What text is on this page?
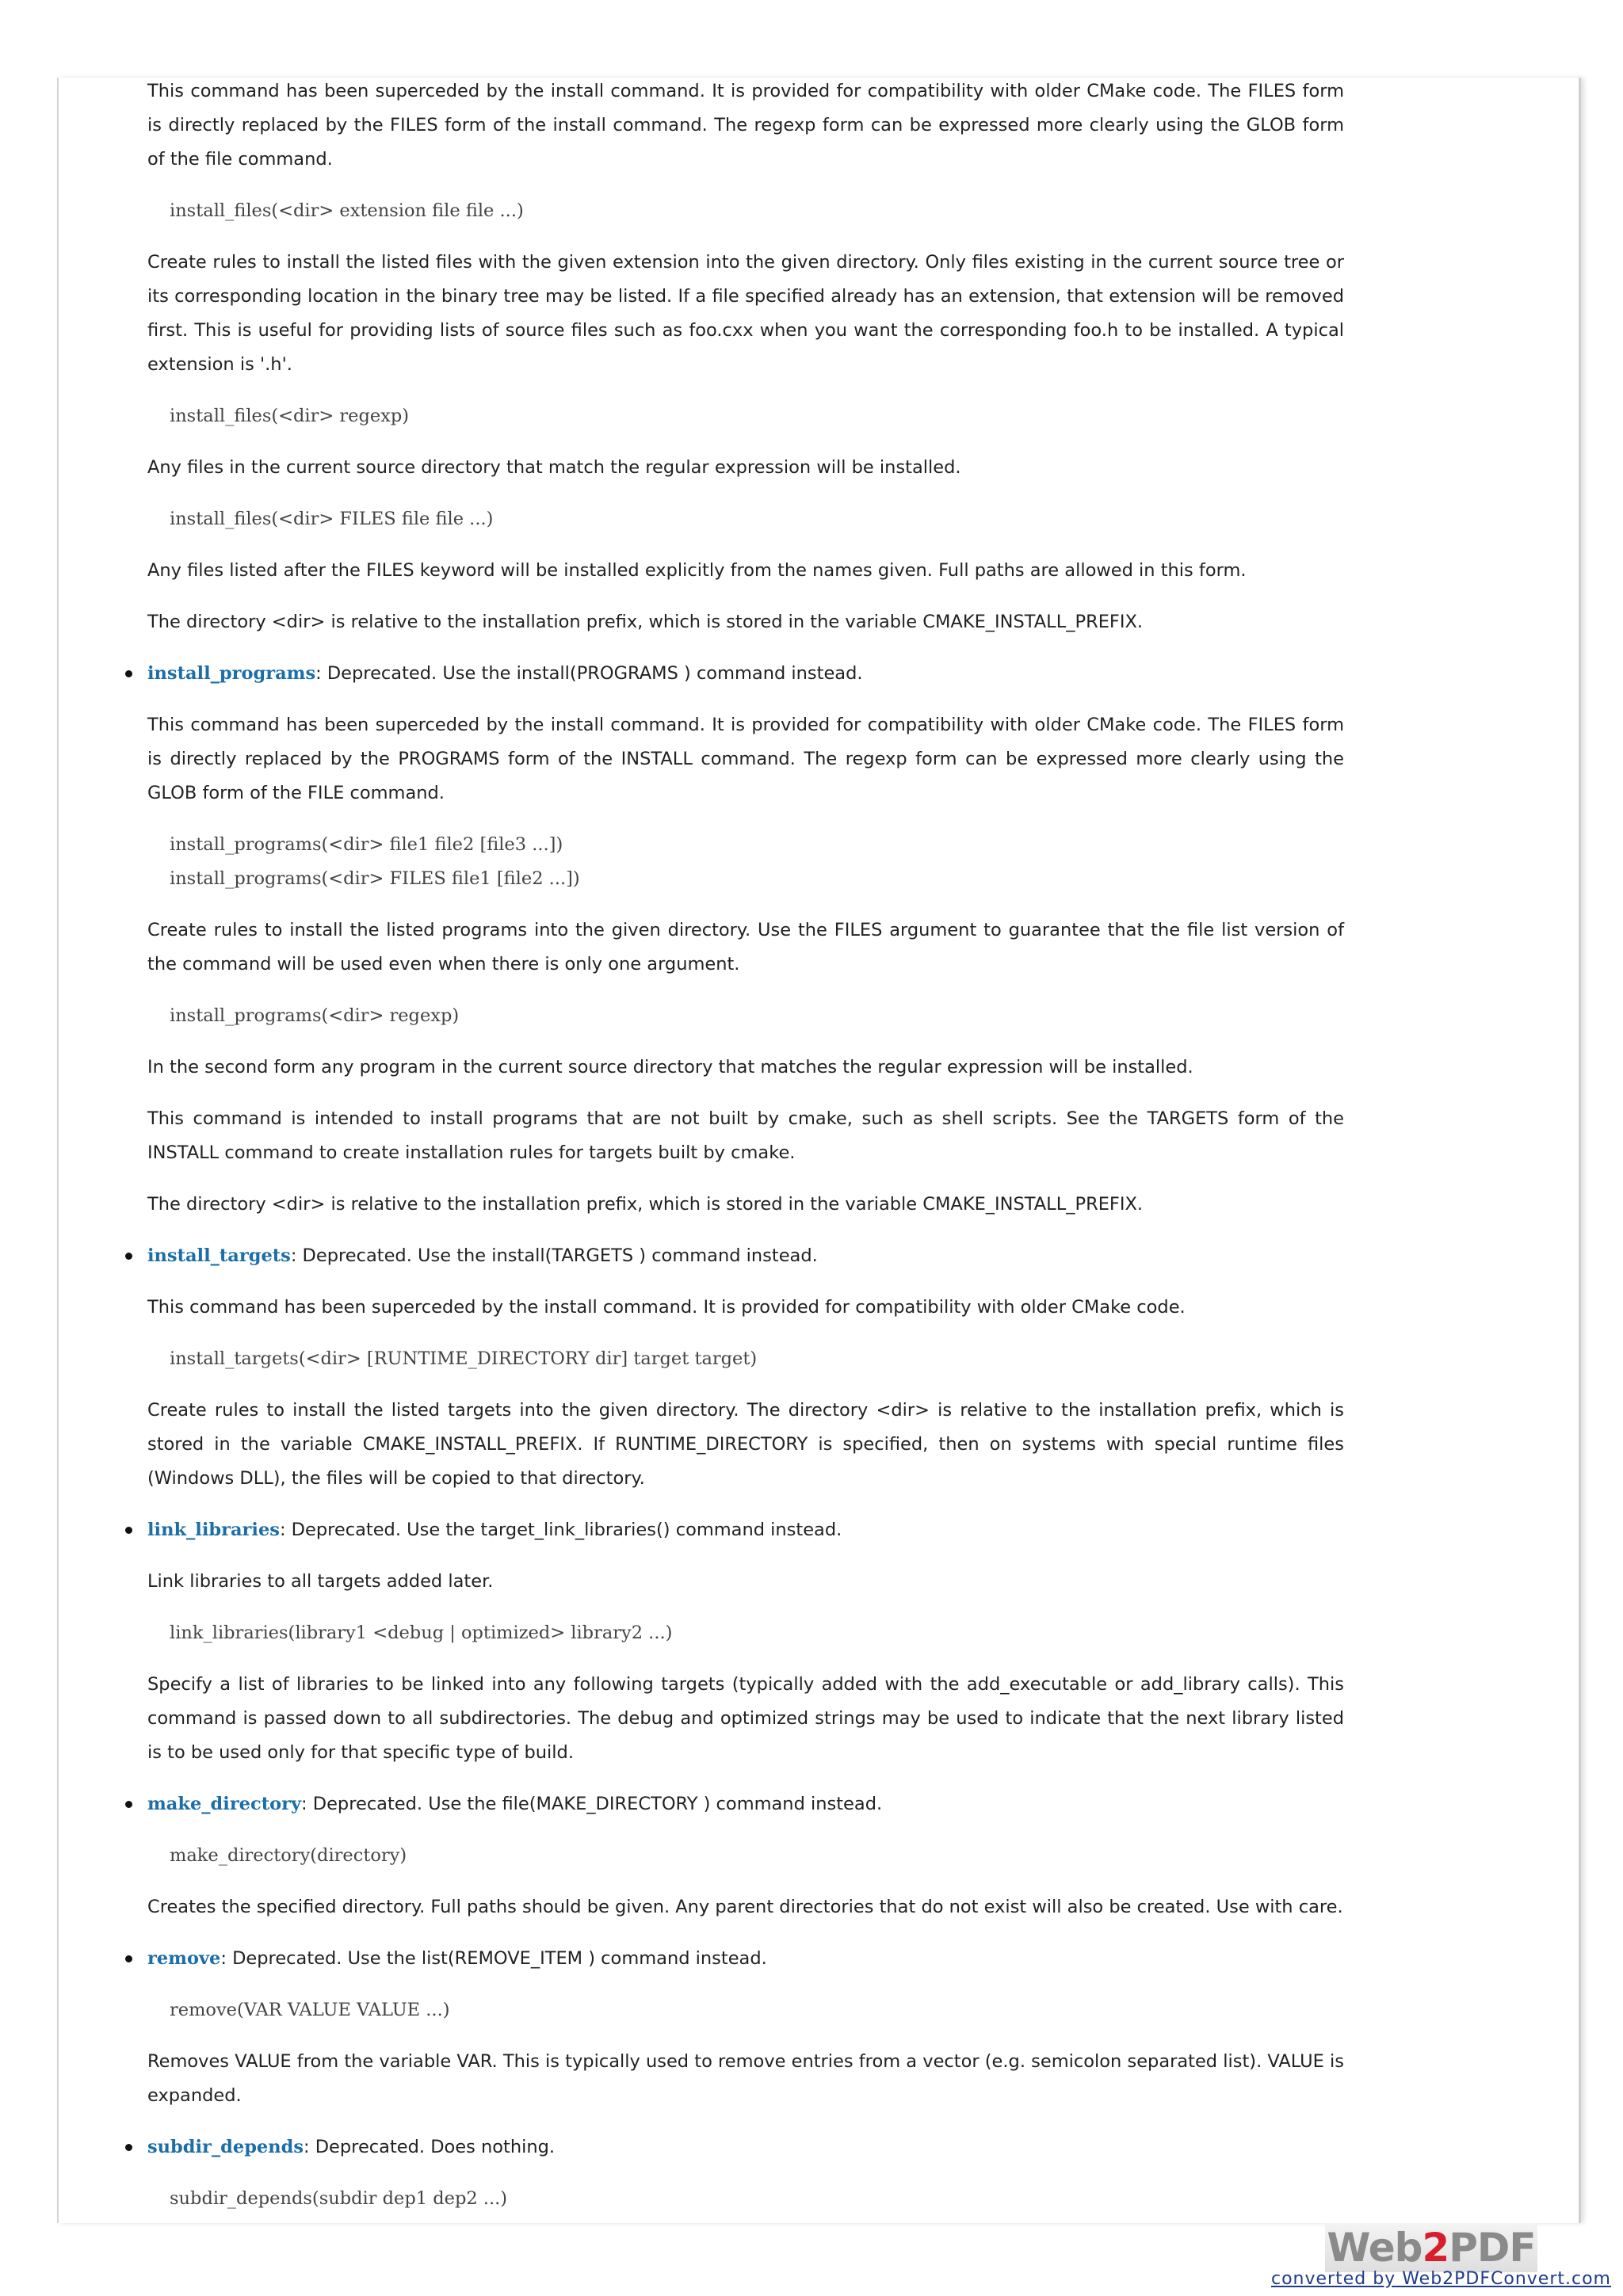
This command has been superceded by the install command. It is provided for compatibility with older CMake code. The FILES form is directly replaced by the FILES form of the install command. The regexp form can be expressed more clearly using the GLOB form of the file command.

install_files(<dir> extension file file ...)

Create rules to install the listed files with the given extension into the given directory. Only files existing in the current source tree or its corresponding location in the binary tree may be listed. If a file specified already has an extension, that extension will be removed first. This is useful for providing lists of source files such as foo.cxx when you want the corresponding foo.h to be installed. A typical extension is '.h'.

install_files(<dir> regexp)

Any files in the current source directory that match the regular expression will be installed.

install_files(<dir> FILES file file ...)

Any files listed after the FILES keyword will be installed explicitly from the names given. Full paths are allowed in this form.

The directory <dir> is relative to the installation prefix, which is stored in the variable CMAKE_INSTALL_PREFIX.

install_programs: Deprecated. Use the install(PROGRAMS ) command instead.

This command has been superceded by the install command. It is provided for compatibility with older CMake code. The FILES form is directly replaced by the PROGRAMS form of the INSTALL command. The regexp form can be expressed more clearly using the GLOB form of the FILE command.

install_programs(<dir> file1 file2 [file3 ...])
install_programs(<dir> FILES file1 [file2 ...])

Create rules to install the listed programs into the given directory. Use the FILES argument to guarantee that the file list version of the command will be used even when there is only one argument.

install_programs(<dir> regexp)

In the second form any program in the current source directory that matches the regular expression will be installed.

This command is intended to install programs that are not built by cmake, such as shell scripts. See the TARGETS form of the INSTALL command to create installation rules for targets built by cmake.

The directory <dir> is relative to the installation prefix, which is stored in the variable CMAKE_INSTALL_PREFIX.

install_targets: Deprecated. Use the install(TARGETS ) command instead.

This command has been superceded by the install command. It is provided for compatibility with older CMake code.

install_targets(<dir> [RUNTIME_DIRECTORY dir] target target)

Create rules to install the listed targets into the given directory. The directory <dir> is relative to the installation prefix, which is stored in the variable CMAKE_INSTALL_PREFIX. If RUNTIME_DIRECTORY is specified, then on systems with special runtime files (Windows DLL), the files will be copied to that directory.

link_libraries: Deprecated. Use the target_link_libraries() command instead.

Link libraries to all targets added later.

link_libraries(library1 <debug | optimized> library2 ...)

Specify a list of libraries to be linked into any following targets (typically added with the add_executable or add_library calls). This command is passed down to all subdirectories. The debug and optimized strings may be used to indicate that the next library listed is to be used only for that specific type of build.

make_directory: Deprecated. Use the file(MAKE_DIRECTORY ) command instead.
make_directory(directory)

Creates the specified directory. Full paths should be given. Any parent directories that do not exist will also be created. Use with care.

remove: Deprecated. Use the list(REMOVE_ITEM ) command instead.
remove(VAR VALUE VALUE ...)

Removes VALUE from the variable VAR. This is typically used to remove entries from a vector (e.g. semicolon separated list). VALUE is expanded.

subdir_depends: Deprecated. Does nothing.
subdir_depends(subdir dep1 dep2 ...)
Web 2 PDF
converted by Web2PDFConvert.com
